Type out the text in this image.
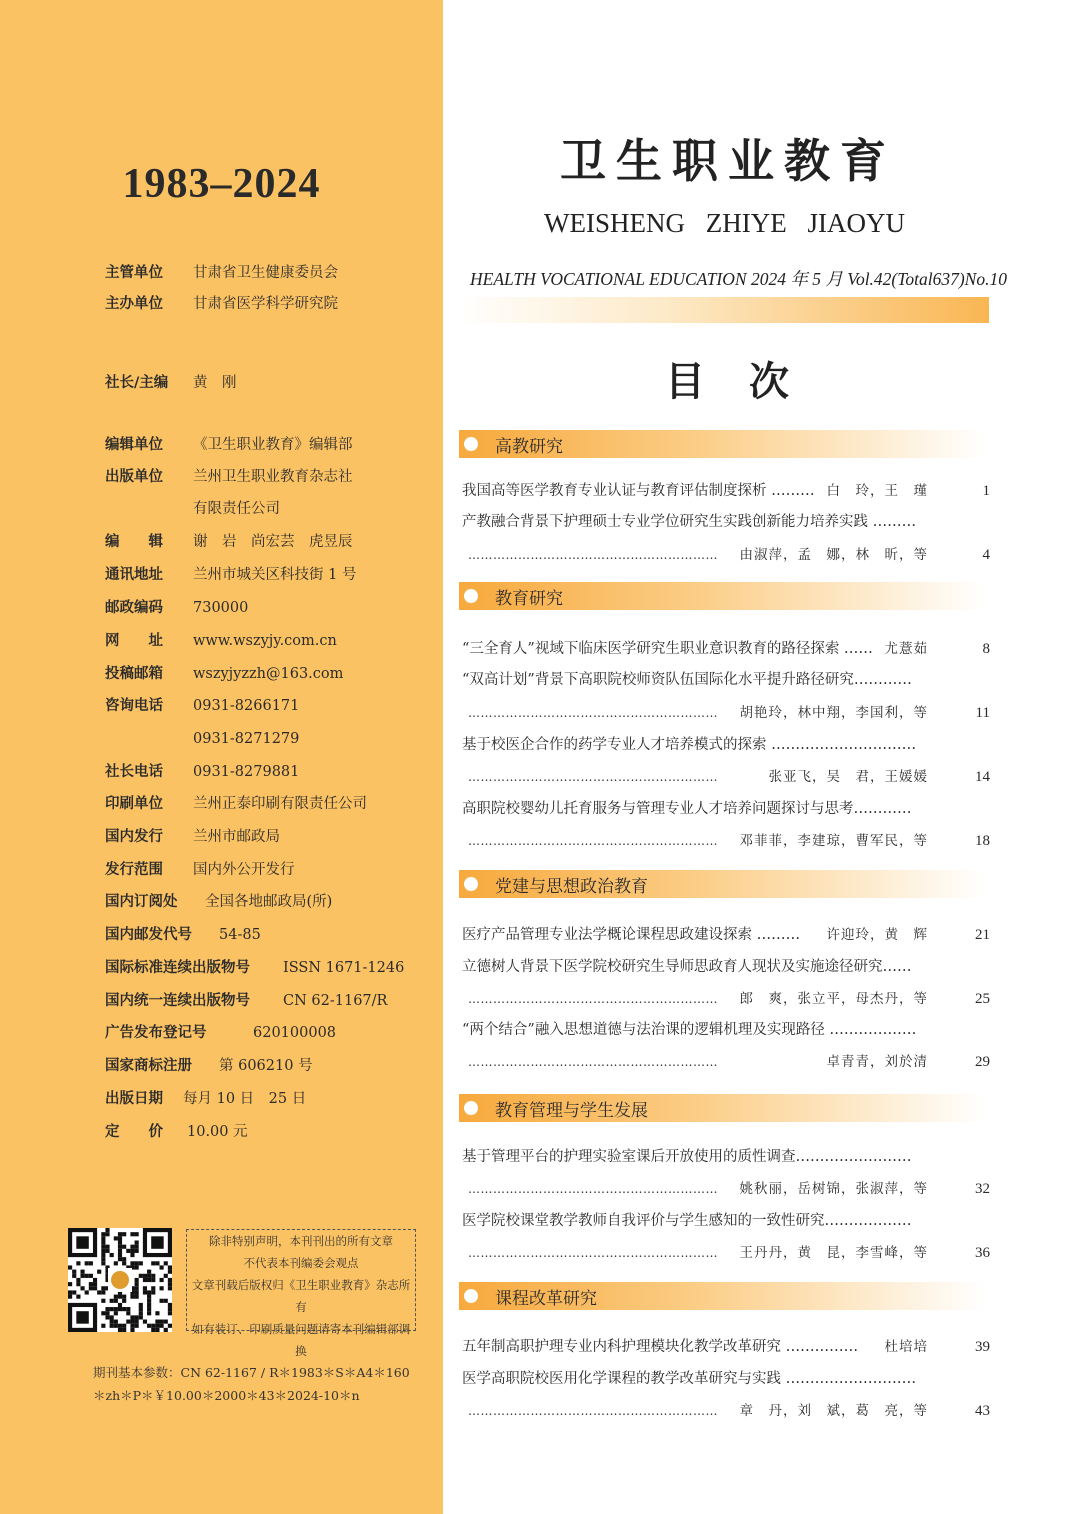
1983–2024
主管单位 甘肃省卫生健康委员会
主办单位 甘肃省医学科学研究院
社长/主编 黄　刚
编辑单位 《卫生职业教育》编辑部
出版单位 兰州卫生职业教育杂志社
有限责任公司
编　　辑 谢　岩　尚宏芸　虎昱辰
通讯地址 兰州市城关区科技街 1 号
邮政编码 730000
网　　址 www.wszyjy.com.cn
投稿邮箱 wszyjyzzh@163.com
咨询电话 0931-8266171
0931-8271279
社长电话 0931-8279881
印刷单位 兰州正泰印刷有限责任公司
国内发行 兰州市邮政局
发行范围 国内外公开发行
国内订阅处 全国各地邮政局(所)
国内邮发代号 54-85
国际标准连续出版物号 ISSN 1671-1246
国内统一连续出版物号 CN 62-1167/R
广告发布登记号	620100008
国家商标注册 第 606210 号
出版日期 每月 10 日　25 日
定　　价 10.00 元
除非特别声明，本刊刊出的所有文章
不代表本刊编委会观点
文章刊载后版权归《卫生职业教育》杂志所有
如有装订、印刷质量问题请寄本刊编辑部调换
期刊基本参数：CN 62-1167 / R＊1983＊S＊A4＊160
＊zh＊P＊￥10.00＊2000＊43＊2024-10＊n
卫生职业教育
WEISHENG ZHIYE JIAOYU
HEALTH VOCATIONAL EDUCATION 2024 年 5 月 Vol.42(Total637)No.10
目次
高教研究
我国高等医学教育专业认证与教育评估制度探析 ……… 白　玲，王　瑾	1
产教融合背景下护理硕士专业学位研究生实践创新能力培养实践 ………
……………………………………………………	由淑萍，孟　娜，林　昕，等	4
教育研究
“三全育人”视域下临床医学研究生职业意识教育的路径探索 …… 尤薏茹	8
“双高计划”背景下高职院校师资队伍国际化水平提升路径研究…………
……………………………………………………	胡艳玲，林中翔，李国利，等	11
基于校医企合作的药学专业人才培养模式的探索 …………………………
……………………………………………………	张亚飞，吴　君，王媛媛	14
高职院校婴幼儿托育服务与管理专业人才培养问题探讨与思考…………
……………………………………………………	邓菲菲，李建琼，曹军民，等	18
党建与思想政治教育
医疗产品管理专业法学概论课程思政建设探索 ………	许迎玲，黄　辉	21
立德树人背景下医学院校研究生导师思政育人现状及实施途径研究……
……………………………………………………	郎　爽，张立平，母杰丹，等	25
“两个结合”融入思想道德与法治课的逻辑机理及实现路径 ………………
……………………………………………………	卓青青，刘於清	29
教育管理与学生发展
基于管理平台的护理实验室课后开放使用的质性调查……………………
……………………………………………………	姚秋丽，岳树锦，张淑萍，等	32
医学院校课堂教学教师自我评价与学生感知的一致性研究………………
……………………………………………………	王丹丹，黄　昆，李雪峰，等	36
课程改革研究
五年制高职护理专业内科护理模块化教学改革研究 ……………	杜培培	39
医学高职院校医用化学课程的教学改革研究与实践 ………………………
……………………………………………………	章　丹，刘　斌，葛　亮，等	43
